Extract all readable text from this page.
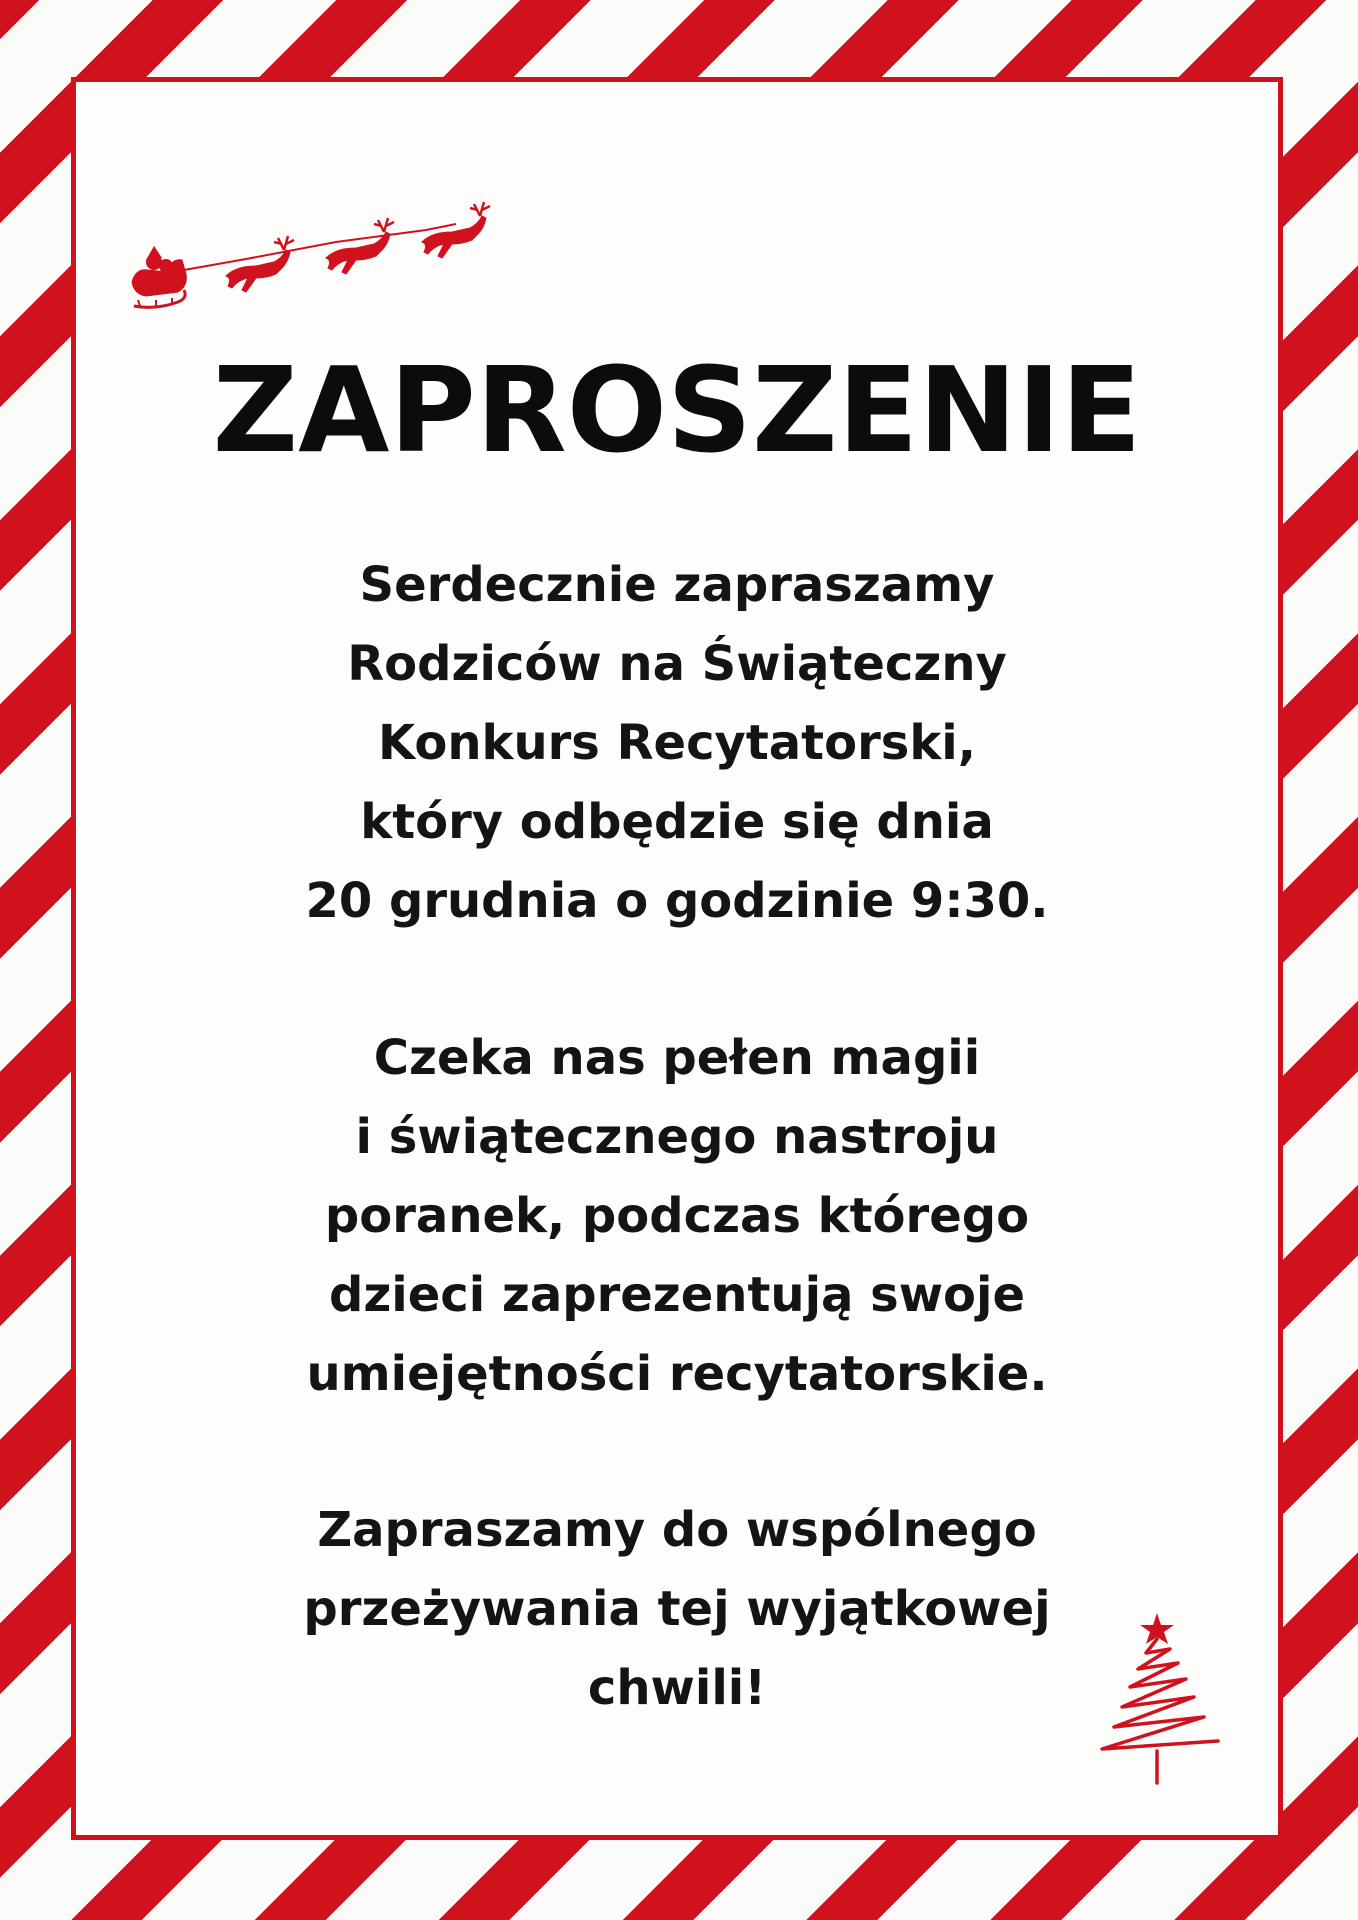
ZAPROSZENIE

Serdecznie zapraszamy
Rodziców na Świąteczny
Konkurs Recytatorski,
który odbędzie się dnia
20 grudnia o godzinie 9:30.

Czeka nas pełen magii
i świątecznego nastroju
poranek, podczas którego
dzieci zaprezentują swoje
umiejętności recytatorskie.

Zapraszamy do wspólnego
przeżywania tej wyjątkowej
chwili!
